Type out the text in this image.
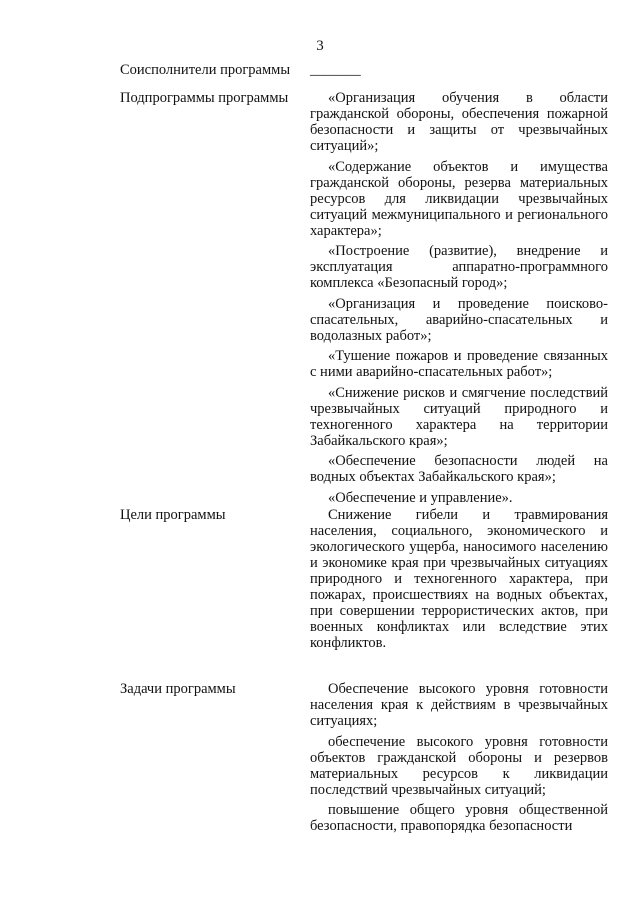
3
Соисполнители программы	_______
Подпрограммы программы	«Организация обучения в области гражданской обороны, обеспечения пожарной безопасности и защиты от чрезвычайных ситуаций»;

«Содержание объектов и имущества гражданской обороны, резерва материальных ресурсов для ликвидации чрезвычайных ситуаций межмуниципального и регионального характера»;

«Построение (развитие), внедрение и эксплуатация аппаратно-программного комплекса «Безопасный город»;

«Организация и проведение поисково-спасательных, аварийно-спасательных и водолазных работ»;

«Тушение пожаров и проведение связанных с ними аварийно-спасательных работ»;

«Снижение рисков и смягчение последствий чрезвычайных ситуаций природного и техногенного характера на территории Забайкальского края»;

«Обеспечение безопасности людей на водных объектах Забайкальского края»;

«Обеспечение и управление».

Цели программы	Снижение гибели и травмирования населения, социального, экономического и экологического ущерба, наносимого населению и экономике края при чрезвычайных ситуациях природного и техногенного характера, при пожарах, происшествиях на водных объектах, при совершении террористических актов, при военных конфликтах или вследствие этих конфликтов.

Задачи программы	Обеспечение высокого уровня готовности населения края к действиям в чрезвычайных ситуациях;

обеспечение высокого уровня готовности объектов гражданской обороны и резервов материальных ресурсов к ликвидации последствий чрезвычайных ситуаций;

повышение общего уровня общественной безопасности, правопорядка безопасности
